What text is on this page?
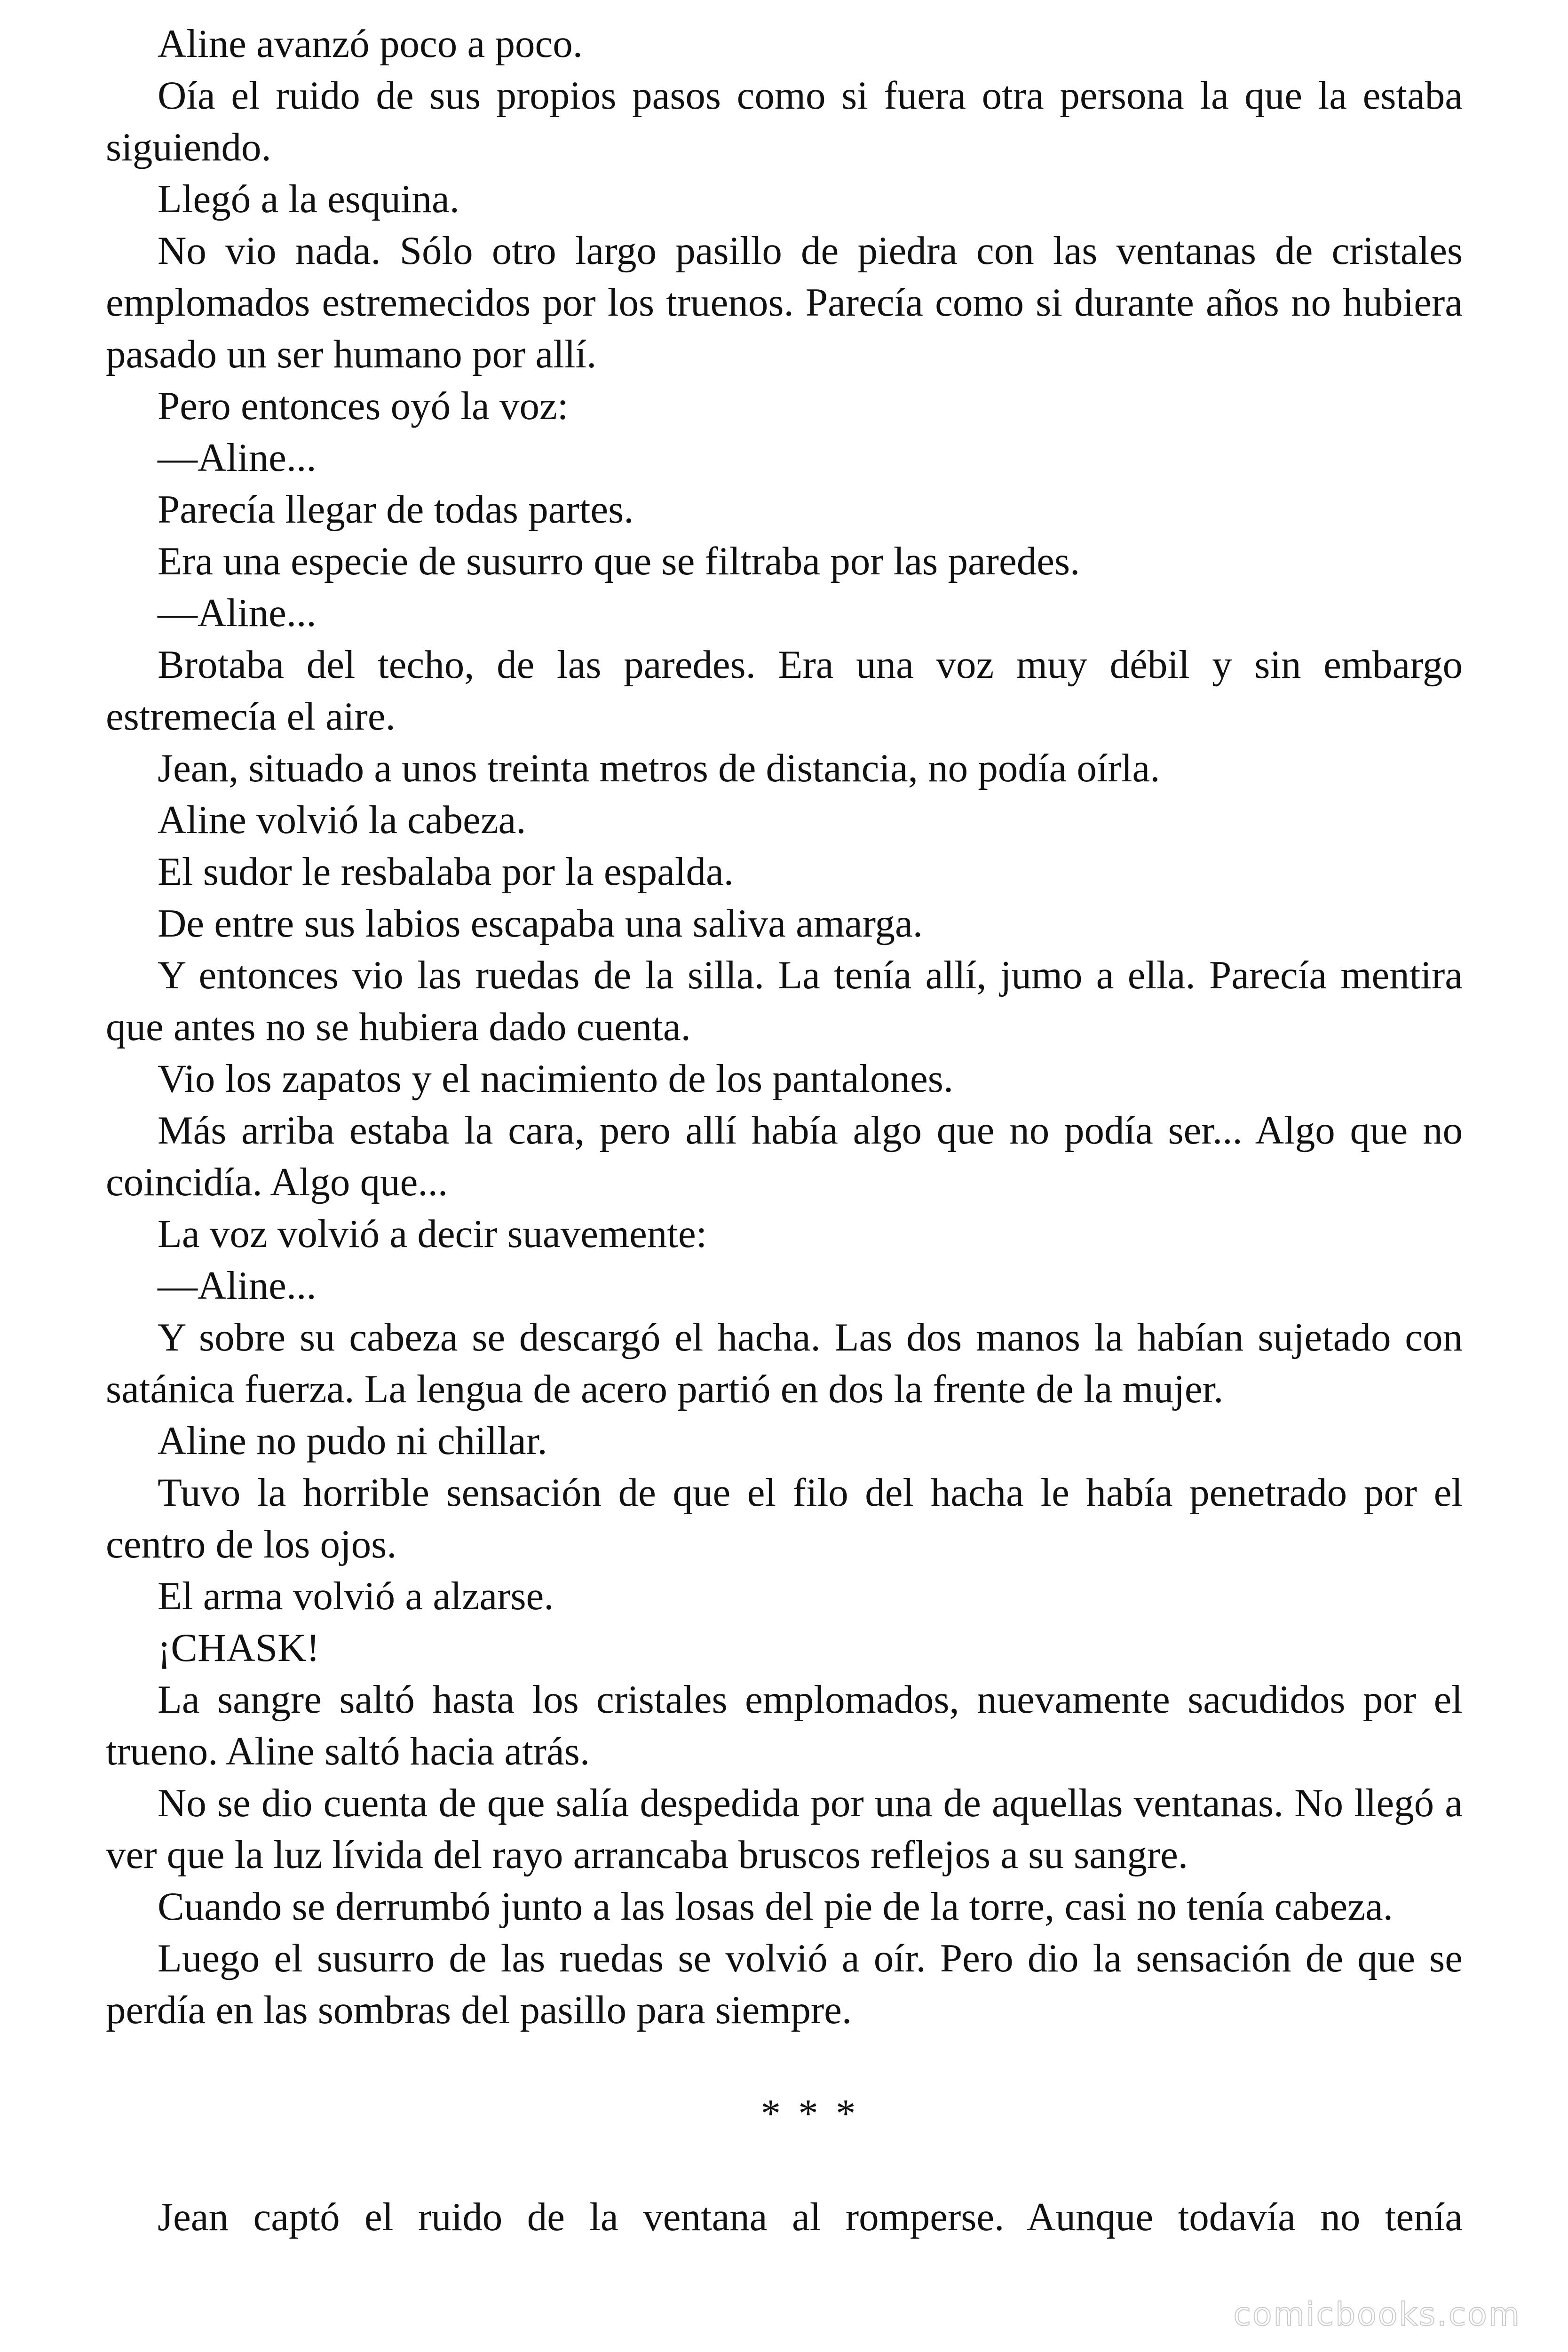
Aline avanzó poco a poco.

Oía el ruido de sus propios pasos como si fuera otra persona la que la estaba siguiendo.

Llegó a la esquina.

No vio nada. Sólo otro largo pasillo de piedra con las ventanas de cristales emplomados estremecidos por los truenos. Parecía como si durante años no hubiera pasado un ser humano por allí.

Pero entonces oyó la voz:

—Aline...

Parecía llegar de todas partes.

Era una especie de susurro que se filtraba por las paredes.

—Aline...

Brotaba del techo, de las paredes. Era una voz muy débil y sin embargo estremecía el aire.

Jean, situado a unos treinta metros de distancia, no podía oírla.

Aline volvió la cabeza.

El sudor le resbalaba por la espalda.

De entre sus labios escapaba una saliva amarga.

Y entonces vio las ruedas de la silla. La tenía allí, jumo a ella. Parecía mentira que antes no se hubiera dado cuenta.

Vio los zapatos y el nacimiento de los pantalones.

Más arriba estaba la cara, pero allí había algo que no podía ser... Algo que no coincidía. Algo que...

La voz volvió a decir suavemente:

—Aline...

Y sobre su cabeza se descargó el hacha. Las dos manos la habían sujetado con satánica fuerza. La lengua de acero partió en dos la frente de la mujer.

Aline no pudo ni chillar.

Tuvo la horrible sensación de que el filo del hacha le había penetrado por el centro de los ojos.

El arma volvió a alzarse.

¡CHASK!

La sangre saltó hasta los cristales emplomados, nuevamente sacudidos por el trueno. Aline saltó hacia atrás.

No se dio cuenta de que salía despedida por una de aquellas ventanas. No llegó a ver que la luz lívida del rayo arrancaba bruscos reflejos a su sangre.

Cuando se derrumbó junto a las losas del pie de la torre, casi no tenía cabeza.

Luego el susurro de las ruedas se volvió a oír. Pero dio la sensación de que se perdía en las sombras del pasillo para siempre.

* * *

Jean captó el ruido de la ventana al romperse. Aunque todavía no tenía

comicbooks.com
